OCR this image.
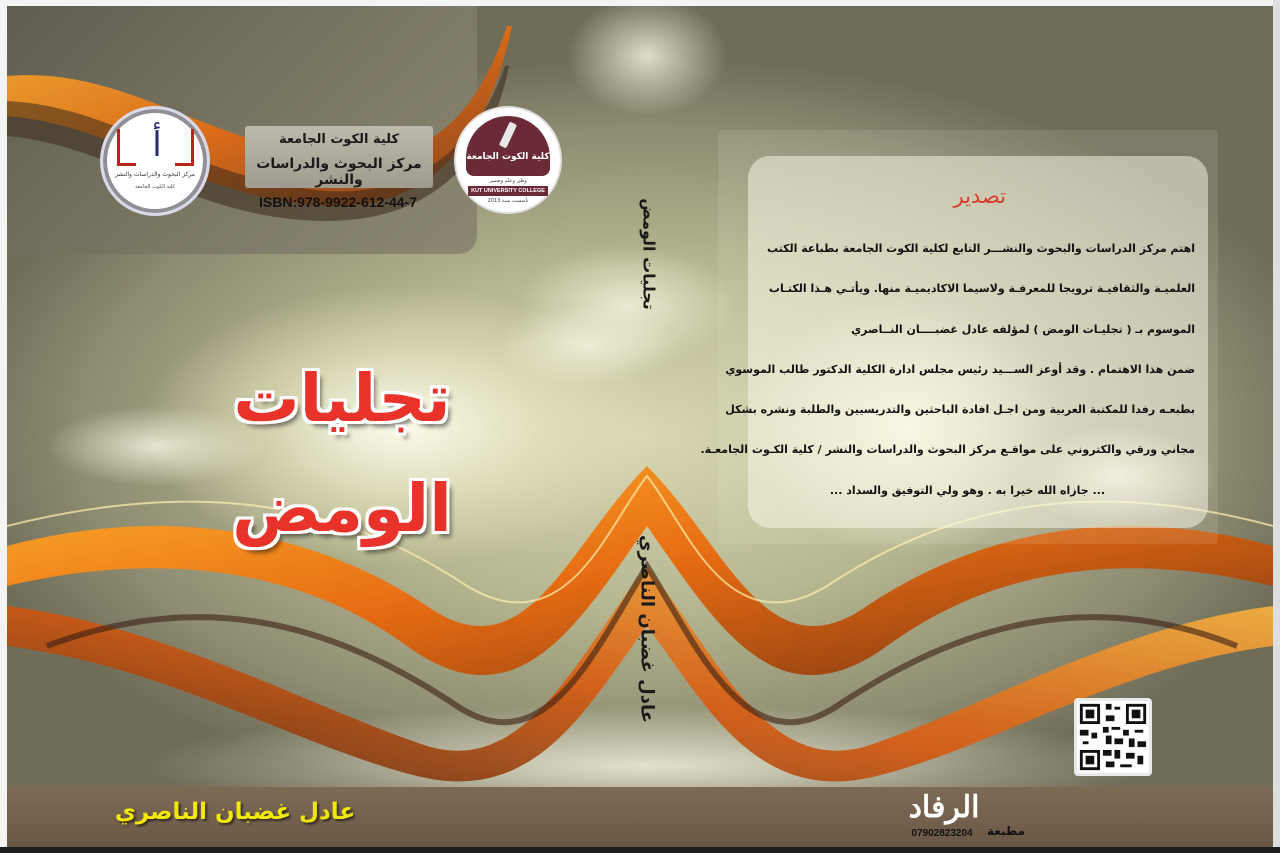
أ
مركز البحوث والدراسات والنشر
كلية الكوت الجامعة
كلية الكوت الجامعة
مركز البحوث والدراسات والنشر
ISBN:978-9922-612-44-7
كلية الكوت الجامعة
وطن وعلم وضمير
KUT UNIVERSITY COLLEGE
تأسست سنة 2013	تجليات الومض
عادل غضبان الناصري
تجليات الومض
تصدير
اهتم مركز الدراسات والبحوث والنشـــر التابع لكلية الكوت الجامعة بطباعة الكتب
العلميـة والثقافيـة ترويجا للمعرفـة ولاسيما الاكاديميـة منها. ويأتـي هـذا الكتـاب
الموسوم بـ ( تجليـات الومض ) لمؤلفه عادل غضبــــان النــاصري
ضمن هذا الاهتمام . وقد أوعز الســـيد رئيس مجلس ادارة الكلية الدكتور طالب الموسوي
بطبعـه رفدا للمكتبة العربية ومن اجـل افادة الباحثين والتدريسيين والطلبة ونشره بشكل
مجاني ورقي والكتروني على مواقـع مركز البحوث والدراسات والنشر / كلية الكـوت الجامعـة.
... جازاه الله خيرا به . وهو ولي التوفيق والسداد ...
عادل غضبان الناصري	الرفاد
مطبعة
07902823204
